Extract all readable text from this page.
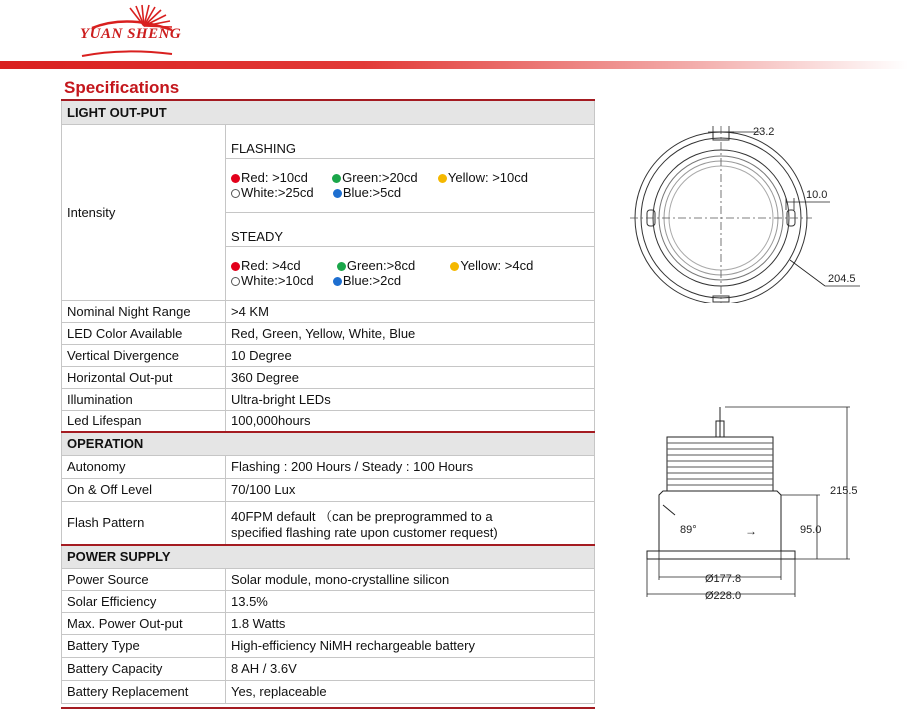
YUAN SHENG
Specifications
LIGHT OUT-PUT	
Intensity	FLASHING

	Red: >10cd Green:>20cd Yellow: >10cd
White:>25cd Blue:>5cd

	STEADY

	Red: >4cd Green:>8cd Yellow: >4cd
White:>10cd Blue:>2cd

Nominal Night Range	>4 KM
LED Color Available	Red, Green, Yellow, White, Blue
Vertical Divergence	10 Degree
Horizontal Out-put	360 Degree
Illumination	Ultra-bright LEDs
Led Lifespan	100,000hours
OPERATION	
Autonomy	Flashing : 200 Hours / Steady : 100 Hours
On & Off Level	70/100 Lux
Flash Pattern	40FPM default （can be preprogrammed to a
specified flashing rate upon customer request)

POWER SUPPLY	
Power Source	Solar module, mono-crystalline silicon
Solar Efficiency	13.5%
Max. Power Out-put	1.8 Watts
Battery Type	High-efficiency NiMH rechargeable battery
Battery Capacity	8 AH / 3.6V
Battery Replacement	Yes, replaceable
23.2
10.0
204.5
215.5
95.0
89°	→
Ø177.8
Ø228.0
